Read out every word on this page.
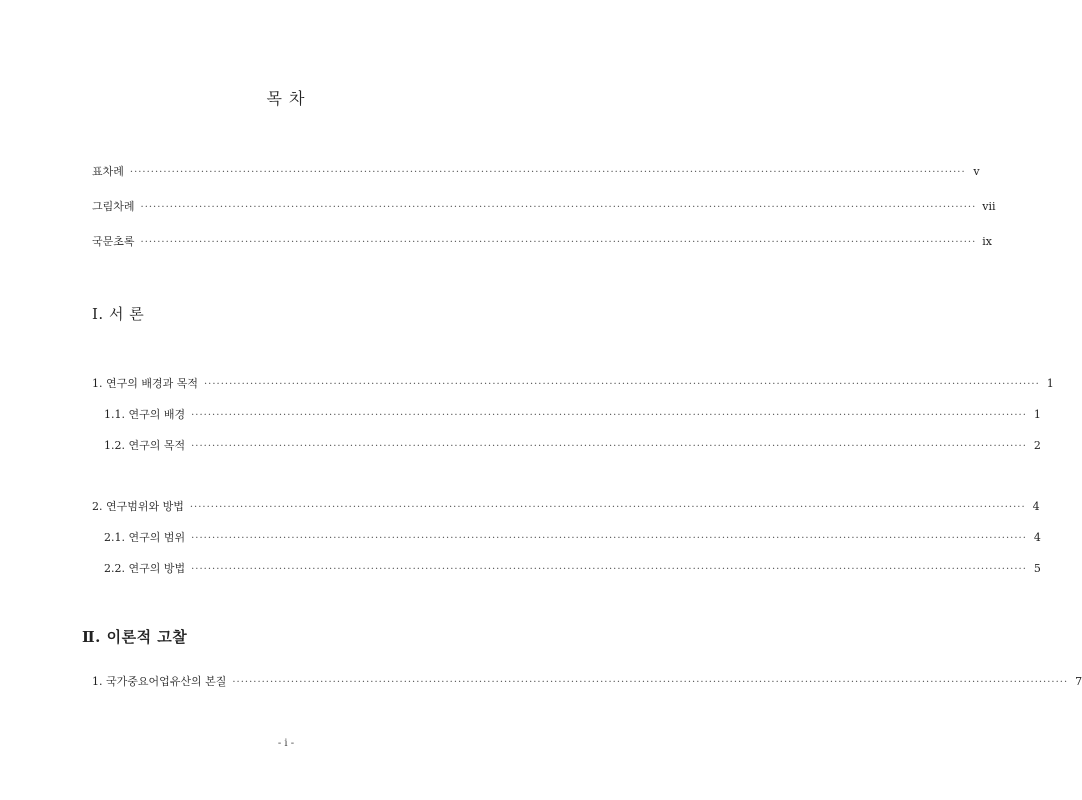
목 차
표차례 ········································································································································································································ v
그림차례 ········································································································································································································ vii
국문초록 ········································································································································································································ ix
Ⅰ. 서 론
1. 연구의 배경과 목적 ········································································································································································································ 1
1.1. 연구의 배경 ········································································································································································································ 1
1.2. 연구의 목적 ········································································································································································································ 2
2. 연구범위와 방법 ········································································································································································································ 4
2.1. 연구의 범위 ········································································································································································································ 4
2.2. 연구의 방법 ········································································································································································································ 5
Ⅱ. 이론적 고찰
1. 국가중요어업유산의 본질 ········································································································································································································ 7
- i -
